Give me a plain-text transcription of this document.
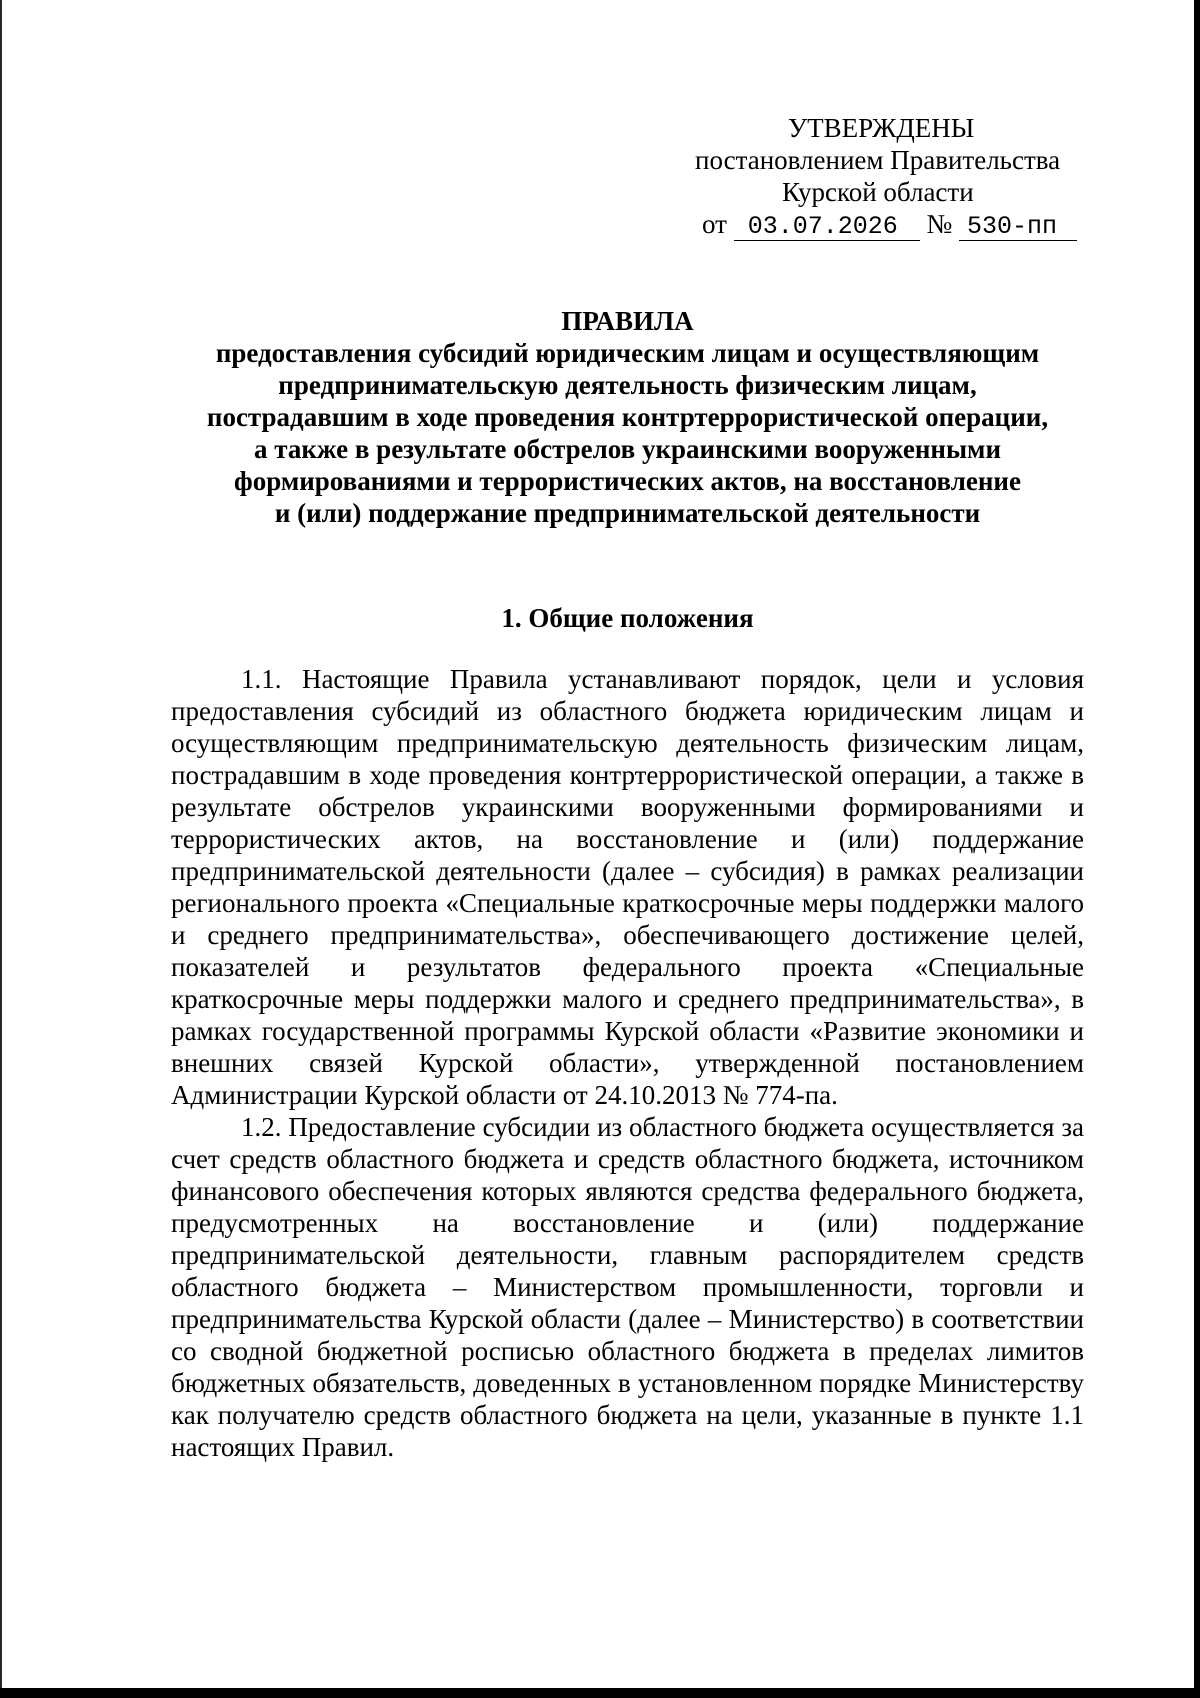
УТВЕРЖДЕНЫ
постановлением Правительства
Курской области
от 03.07.2026 № 530-пп
ПРАВИЛА
предоставления субсидий юридическим лицам и осуществляющим
предпринимательскую деятельность физическим лицам,
пострадавшим в ходе проведения контртеррористической операции,
а также в результате обстрелов украинскими вооруженными
формированиями и террористических актов, на восстановление
и (или) поддержание предпринимательской деятельности
1. Общие положения

1.1. Настоящие Правила устанавливают порядок, цели и условия предоставления субсидий из областного бюджета юридическим лицам и осуществляющим предпринимательскую деятельность физическим лицам, пострадавшим в ходе проведения контртеррористической операции, а также в результате обстрелов украинскими вооруженными формированиями и террористических актов, на восстановление и (или) поддержание предпринимательской деятельности (далее – субсидия) в рамках реализации регионального проекта «Специальные краткосрочные меры поддержки малого и среднего предпринимательства», обеспечивающего достижение целей, показателей и результатов федерального проекта «Специальные краткосрочные меры поддержки малого и среднего предпринимательства», в рамках государственной программы Курской области «Развитие экономики и внешних связей Курской области», утвержденной постановлением Администрации Курской области от 24.10.2013 № 774-па.

1.2. Предоставление субсидии из областного бюджета осуществляется за счет средств областного бюджета и средств областного бюджета, источником финансового обеспечения которых являются средства федерального бюджета, предусмотренных на восстановление и (или) поддержание предпринимательской деятельности, главным распорядителем средств областного бюджета – Министерством промышленности, торговли и предпринимательства Курской области (далее – Министерство) в соответствии со сводной бюджетной росписью областного бюджета в пределах лимитов бюджетных обязательств, доведенных в установленном порядке Министерству как получателю средств областного бюджета на цели, указанные в пункте 1.1 настоящих Правил.
